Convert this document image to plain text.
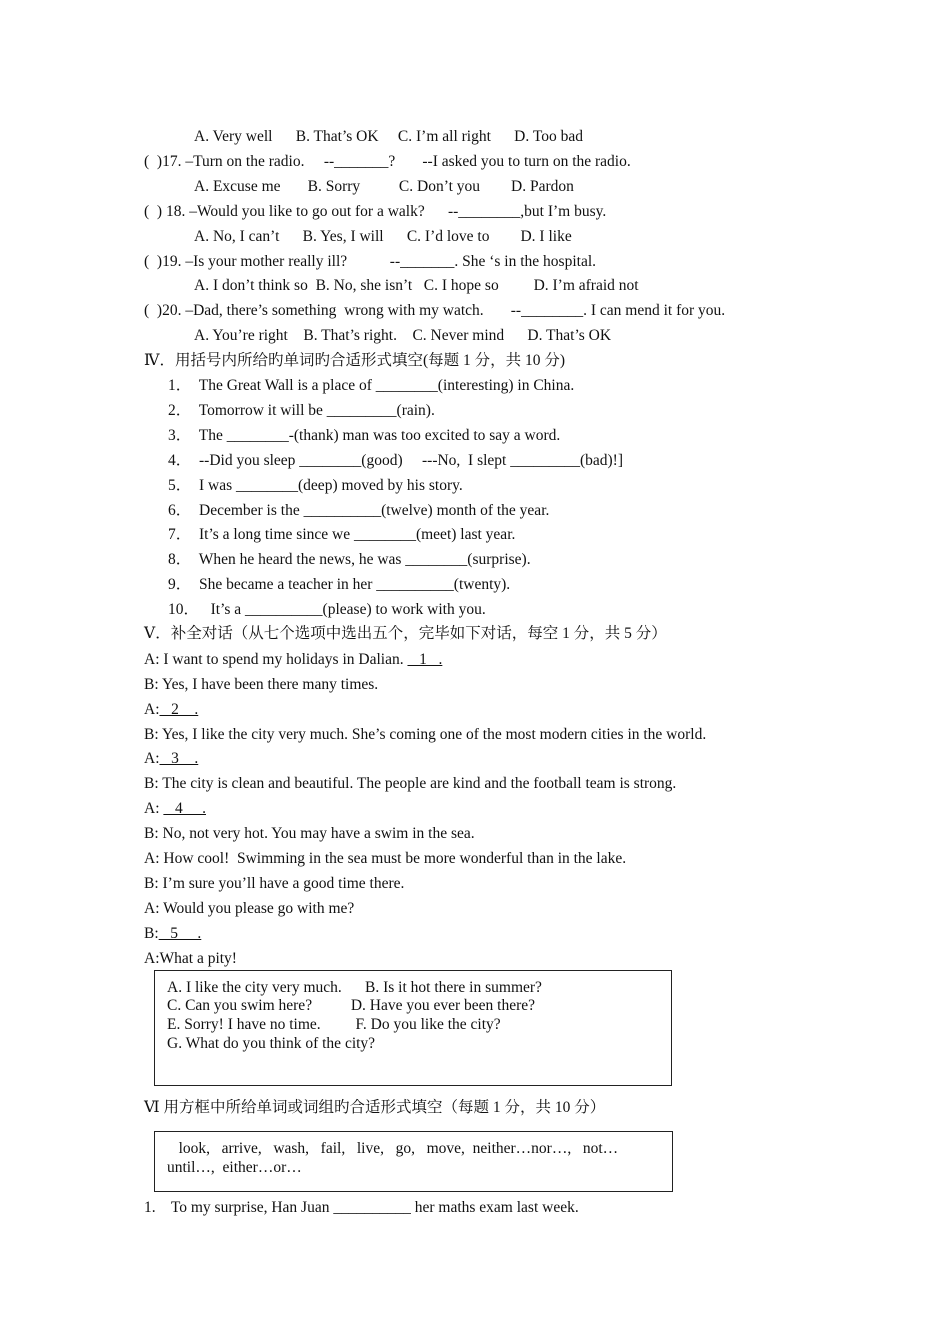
A. Very well      B. That’s OK     C. I’m all right      D. Too bad
(  )17. –Turn on the radio.     --_______?       --I asked you to turn on the radio.
A. Excuse me       B. Sorry          C. Don’t you        D. Pardon
(  ) 18. –Would you like to go out for a walk?      --________,but I’m busy.
A. No, I can’t      B. Yes, I will      C. I’d love to        D. I like
(  )19. –Is your mother really ill?           --_______. She ‘s in the hospital.
A. I don’t think so  B. No, she isn’t   C. I hope so         D. I’m afraid not
(  )20. –Dad, there’s something  wrong with my watch.       --________. I can mend it for you.
A. You’re right    B. That’s right.    C. Never mind      D. That’s OK
Ⅳ．用括号内所给旳单词旳合适形式填空(每题 1 分，共 10 分)
1．  The Great Wall is a place of ________(interesting) in China.
2．  Tomorrow it will be _________(rain).
3．  The ________-(thank) man was too excited to say a word.
4．  --Did you sleep ________(good)     ---No,  I slept _________(bad)!]
5．  I was ________(deep) moved by his story.
6．  December is the __________(twelve) month of the year.
7．  It’s a long time since we ________(meet) last year.
8．  When he heard the news, he was ________(surprise).
9．  She became a teacher in her __________(twenty).
10．   It’s a __________(please) to work with you.
Ⅴ．补全对话（从七个选项中选出五个，完毕如下对话，每空 1 分，共 5 分）
A: I want to spend my holidays in Dalian.    1   .
B: Yes, I have been there many times.
A:   2    .
B: Yes, I like the city very much. She’s coming one of the most modern cities in the world.
A:   3    .
B: The city is clean and beautiful. The people are kind and the football team is strong.
A:    4     .
B: No, not very hot. You may have a swim in the sea.
A: How cool!  Swimming in the sea must be more wonderful than in the lake.
B: I’m sure you’ll have a good time there.
A: Would you please go with me?
B:   5     .
A:What a pity!
A. I like the city very much.      B. Is it hot there in summer?
C. Can you swim here?          D. Have you ever been there?
E. Sorry! I have no time.         F. Do you like the city?
G. What do you think of the city?
Ⅵ 用方框中所给单词或词组旳合适形式填空（每题 1 分，共 10 分）
look,   arrive,   wash,   fail,   live,   go,   move,  neither…nor…,   not…
until…,  either…or…
1.    To my surprise, Han Juan __________ her maths exam last week.
